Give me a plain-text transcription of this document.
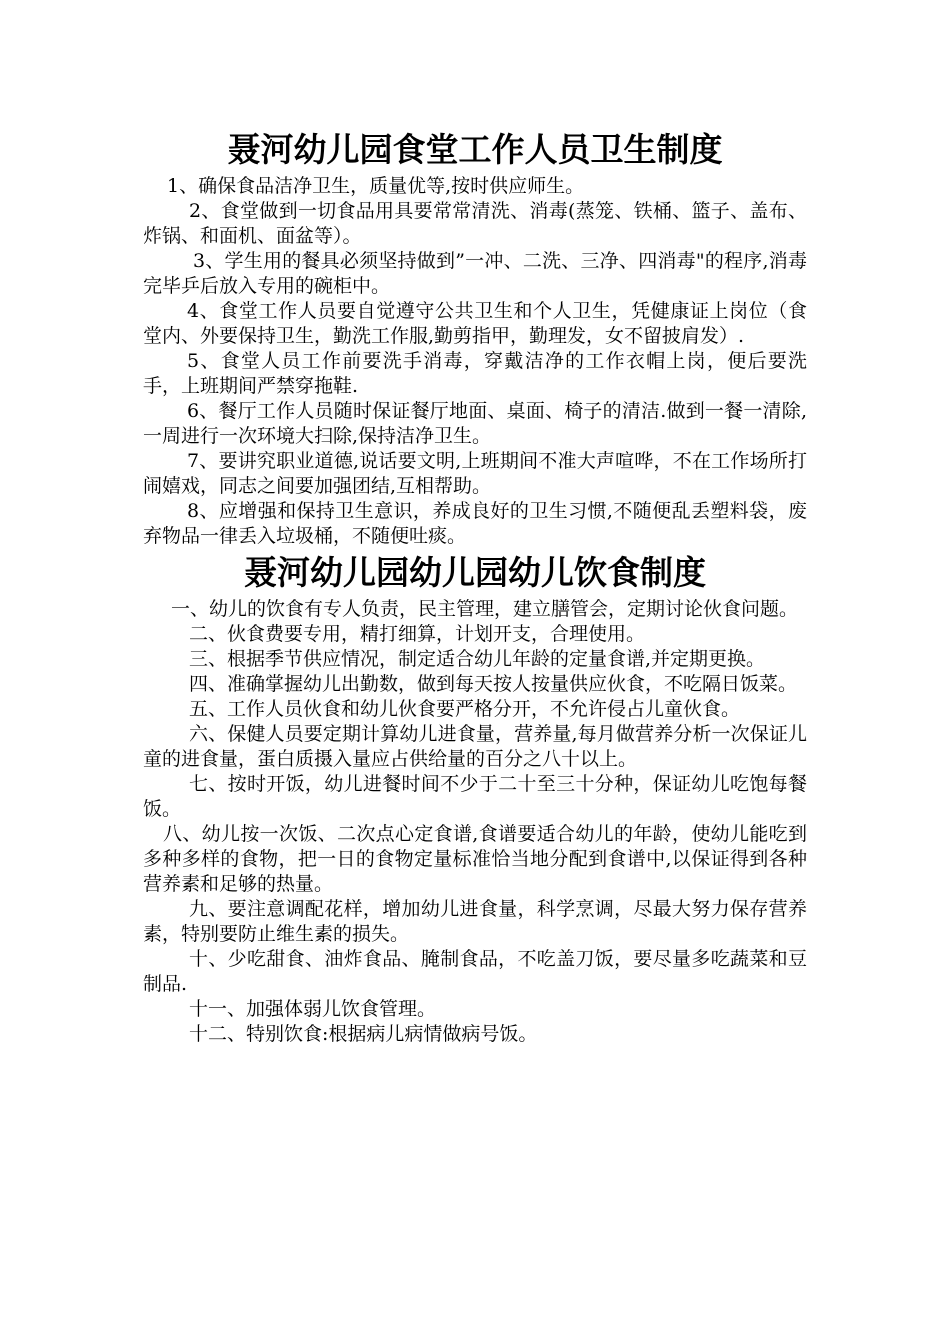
聂河幼儿园食堂工作人员卫生制度

1、确保食品洁净卫生，质量优等,按时供应师生。

2、食堂做到一切食品用具要常常清洗、消毒(蒸笼、铁桶、篮子、盖布、炸锅、和面机、面盆等）。

3、学生用的餐具必须坚持做到”一冲、二洗、三净、四消毒"的程序,消毒完毕乒后放入专用的碗柜中。

4、食堂工作人员要自觉遵守公共卫生和个人卫生，凭健康证上岗位（食堂内、外要保持卫生，勤洗工作服,勤剪指甲，勤理发，女不留披肩发）.

5、食堂人员工作前要洗手消毒，穿戴洁净的工作衣帽上岗，便后要洗手，上班期间严禁穿拖鞋.

6、餐厅工作人员随时保证餐厅地面、桌面、椅子的清洁.做到一餐一清除,一周进行一次环境大扫除,保持洁净卫生。

7、要讲究职业道德,说话要文明,上班期间不准大声喧哗，不在工作场所打闹嬉戏，同志之间要加强团结,互相帮助。

8、应增强和保持卫生意识，养成良好的卫生习惯,不随便乱丢塑料袋，废弃物品一律丢入垃圾桶，不随便吐痰。

聂河幼儿园幼儿园幼儿饮食制度

一、幼儿的饮食有专人负责，民主管理，建立膳管会，定期讨论伙食问题。

二、伙食费要专用，精打细算，计划开支，合理使用。

三、根据季节供应情况，制定适合幼儿年龄的定量食谱,并定期更换。

四、准确掌握幼儿出勤数，做到每天按人按量供应伙食，不吃隔日饭菜。

五、工作人员伙食和幼儿伙食要严格分开，不允许侵占儿童伙食。

六、保健人员要定期计算幼儿进食量，营养量,每月做营养分析一次保证儿童的进食量，蛋白质摄入量应占供给量的百分之八十以上。

七、按时开饭，幼儿进餐时间不少于二十至三十分种，保证幼儿吃饱每餐饭。

八、幼儿按一次饭、二次点心定食谱,食谱要适合幼儿的年龄，使幼儿能吃到多种多样的食物，把一日的食物定量标准恰当地分配到食谱中,以保证得到各种营养素和足够的热量。

九、要注意调配花样，增加幼儿进食量，科学烹调，尽最大努力保存营养素，特别要防止维生素的损失。

十、少吃甜食、油炸食品、腌制食品，不吃盖刀饭，要尽量多吃蔬菜和豆制品.

十一、加强体弱儿饮食管理。

十二、特别饮食:根据病儿病情做病号饭。
